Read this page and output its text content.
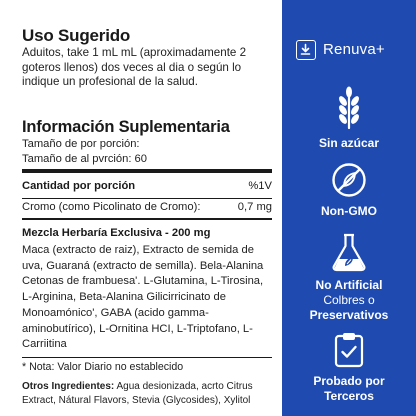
Uso Sugerido
Aduitos, take 1 mL mL (aproximadamente 2 goteros llenos) dos veces al dia o según lo indique un profesional de la salud.
Información Suplementaria
Tamaño de por porción:
Tamaño de al pvrción: 60
Cantidad por porción	%1V
Cromo (como Picolinato de Cromo):	0,7 mg
Mezcla Herbaría Exclusiva - 200 mg
Maca (extracto de raiz), Extracto de semida de uva, Guaraná (extracto de semilla). Bela-Alanina Cetonas de frambuesa'. L-Glutamina, L-Tirosina, L-Arginina, Beta-Alanina Gilicirricinato de Monoamónico', GABA (acido gamma-aminobutírico), L-Ornitina HCI, L-Triptofano, L-Carriitina
* Nota: Valor Diario no establecido
Otros Ingredientes: Agua desionizada, acrto Citrus Extract, Nátural Flavors, Stevia (Glycosides), Xylitol
Renuva+
Sin azúcar
Non-GMO
No Artificial
Colbres o
Preservativos
Probado por
Terceros
